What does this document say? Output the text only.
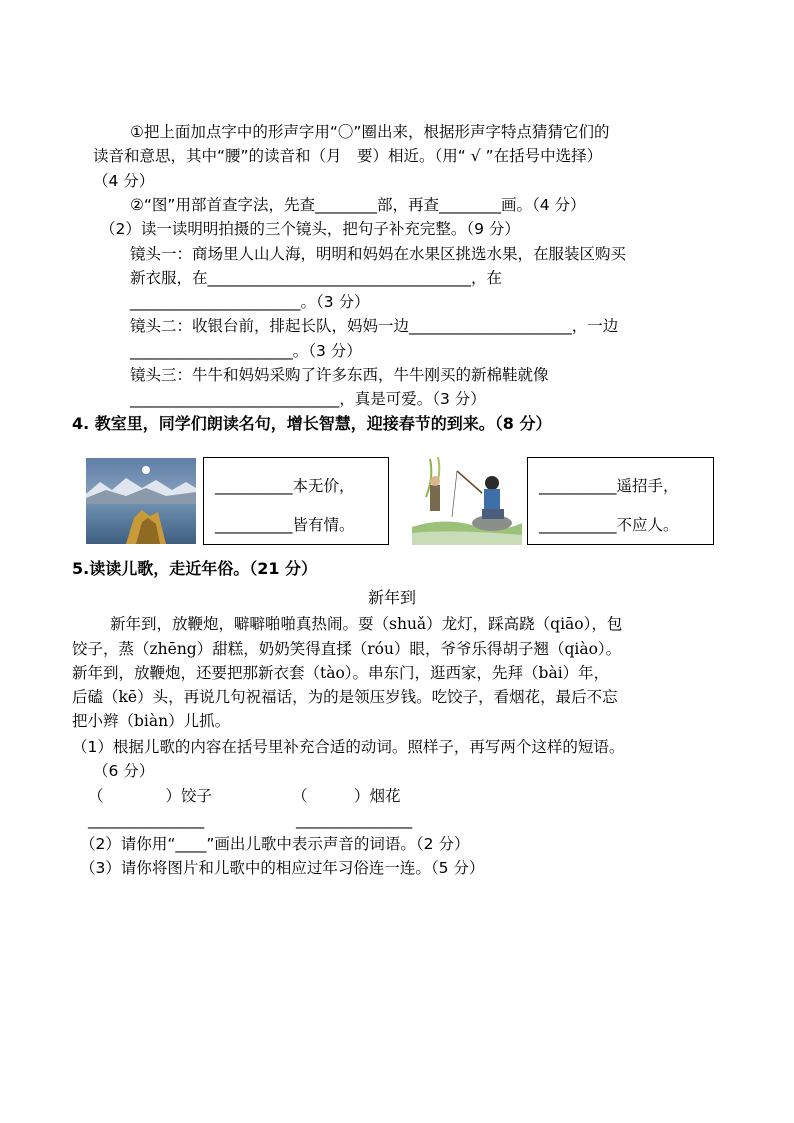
①把上面加点字中的形声字用“〇”圈出来，根据形声字特点猜猜它们的
读音和意思，其中“腰”的读音和（月　要）相近。（用“ √ ”在括号中选择）
（4 分）
②“图”用部首查字法，先查________部，再查________画。（4 分）
（2）读一读明明拍摄的三个镜头，把句子补充完整。（9 分）
镜头一：商场里人山人海，明明和妈妈在水果区挑选水果，在服装区购买
新衣服，在__________________________________，在
______________________。（3 分）
镜头二：收银台前，排起长队，妈妈一边_____________________，一边
_____________________。（3 分）
镜头三：牛牛和妈妈采购了许多东西，牛牛刚买的新棉鞋就像
___________________________，真是可爱。（3 分）
4. 教室里，同学们朗读名句，增长智慧，迎接春节的到来。（8 分）
__________本无价，
__________皆有情。
__________遥招手，
__________不应人。
5.读读儿歌，走近年俗。（21 分）
新年到
新年到，放鞭炮，噼噼啪啪真热闹。耍（shuǎ）龙灯，踩高跷（qiāo），包
饺子，蒸（zhēng）甜糕，奶奶笑得直揉（róu）眼，爷爷乐得胡子翘（qiào）。
新年到，放鞭炮，还要把那新衣套（tào）。串东门，逛西家，先拜（bài）年，
后磕（kē）头，再说几句祝福话，为的是领压岁钱。吃饺子，看烟花，最后不忘
把小辫（biàn）儿抓。
（1）根据儿歌的内容在括号里补充合适的动词。照样子，再写两个这样的短语。
（6 分）
（　　　　）饺子	（　　　）烟花
_______________	_______________
（2）请你用“____”画出儿歌中表示声音的词语。（2 分）
（3）请你将图片和儿歌中的相应过年习俗连一连。（5 分）
